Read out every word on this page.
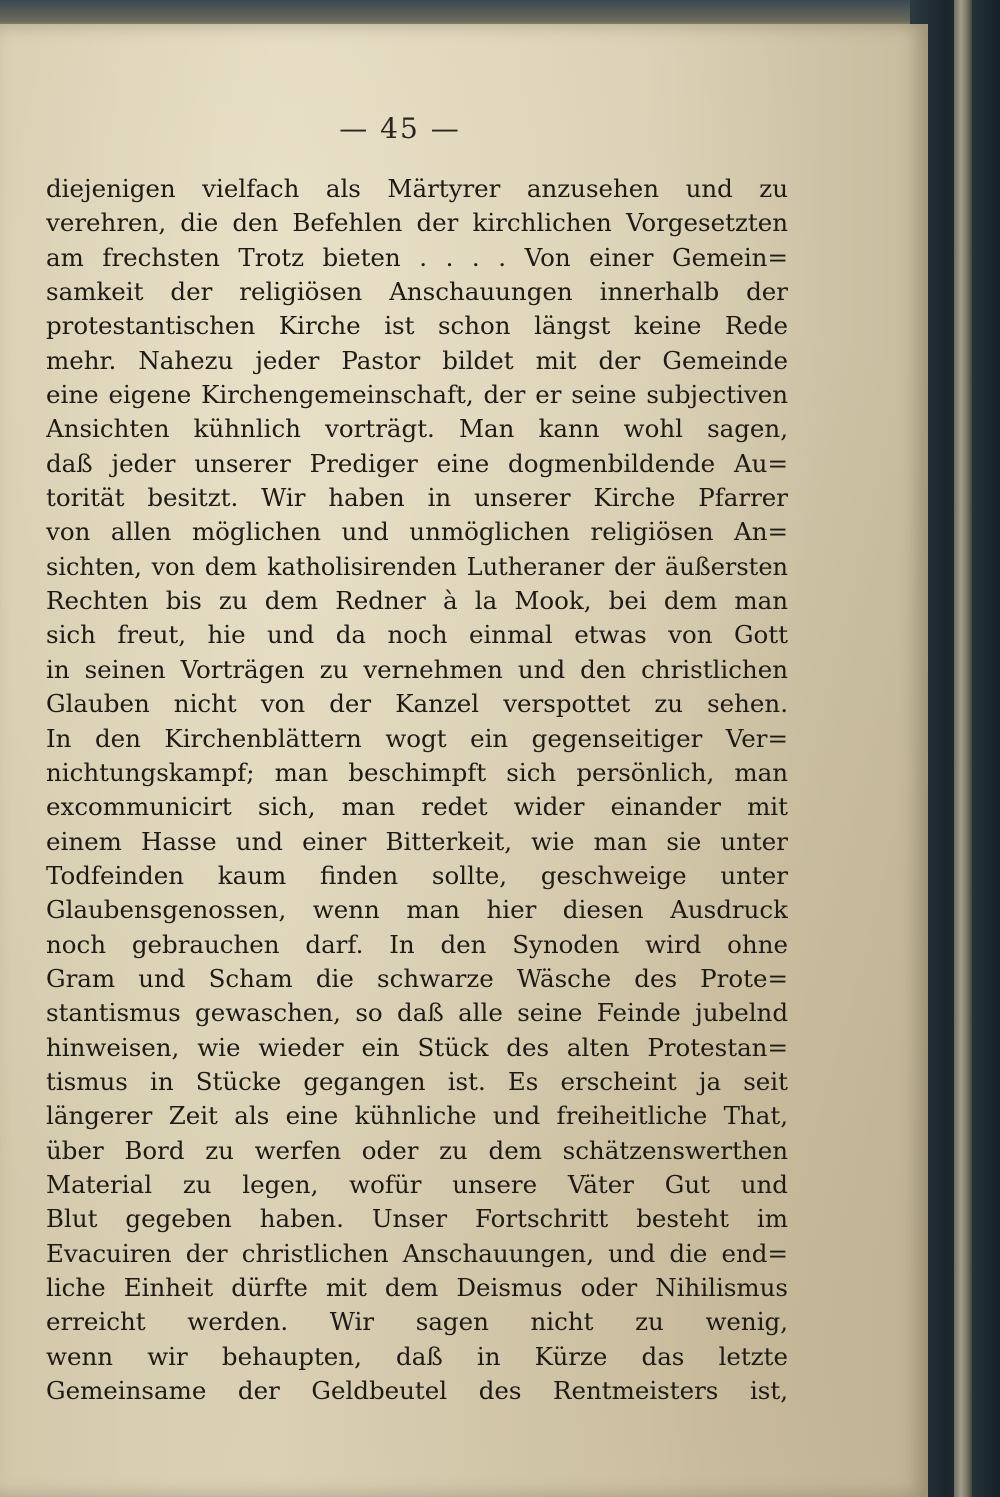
— 45 —
diejenigen vielfach als Märtyrer anzusehen und zu
verehren, die den Befehlen der kirchlichen Vorgesetzten
am frechsten Trotz bieten . . . . Von einer Gemein=
samkeit der religiösen Anschauungen innerhalb der
protestantischen Kirche ist schon längst keine Rede
mehr. Nahezu jeder Pastor bildet mit der Gemeinde
eine eigene Kirchengemeinschaft, der er seine subjectiven
Ansichten kühnlich vorträgt. Man kann wohl sagen,
daß jeder unserer Prediger eine dogmenbildende Au=
torität besitzt. Wir haben in unserer Kirche Pfarrer
von allen möglichen und unmöglichen religiösen An=
sichten, von dem katholisirenden Lutheraner der äußersten
Rechten bis zu dem Redner à la Mook, bei dem man
sich freut, hie und da noch einmal etwas von Gott
in seinen Vorträgen zu vernehmen und den christlichen
Glauben nicht von der Kanzel verspottet zu sehen.
In den Kirchenblättern wogt ein gegenseitiger Ver=
nichtungskampf; man beschimpft sich persönlich, man
excommunicirt sich, man redet wider einander mit
einem Hasse und einer Bitterkeit, wie man sie unter
Todfeinden kaum finden sollte, geschweige unter
Glaubensgenossen, wenn man hier diesen Ausdruck
noch gebrauchen darf. In den Synoden wird ohne
Gram und Scham die schwarze Wäsche des Prote=
stantismus gewaschen, so daß alle seine Feinde jubelnd
hinweisen, wie wieder ein Stück des alten Protestan=
tismus in Stücke gegangen ist. Es erscheint ja seit
längerer Zeit als eine kühnliche und freiheitliche That,
über Bord zu werfen oder zu dem schätzenswerthen
Material zu legen, wofür unsere Väter Gut und
Blut gegeben haben. Unser Fortschritt besteht im
Evacuiren der christlichen Anschauungen, und die end=
liche Einheit dürfte mit dem Deismus oder Nihilismus
erreicht werden. Wir sagen nicht zu wenig,
wenn wir behaupten, daß in Kürze das letzte
Gemeinsame der Geldbeutel des Rentmeisters ist,
